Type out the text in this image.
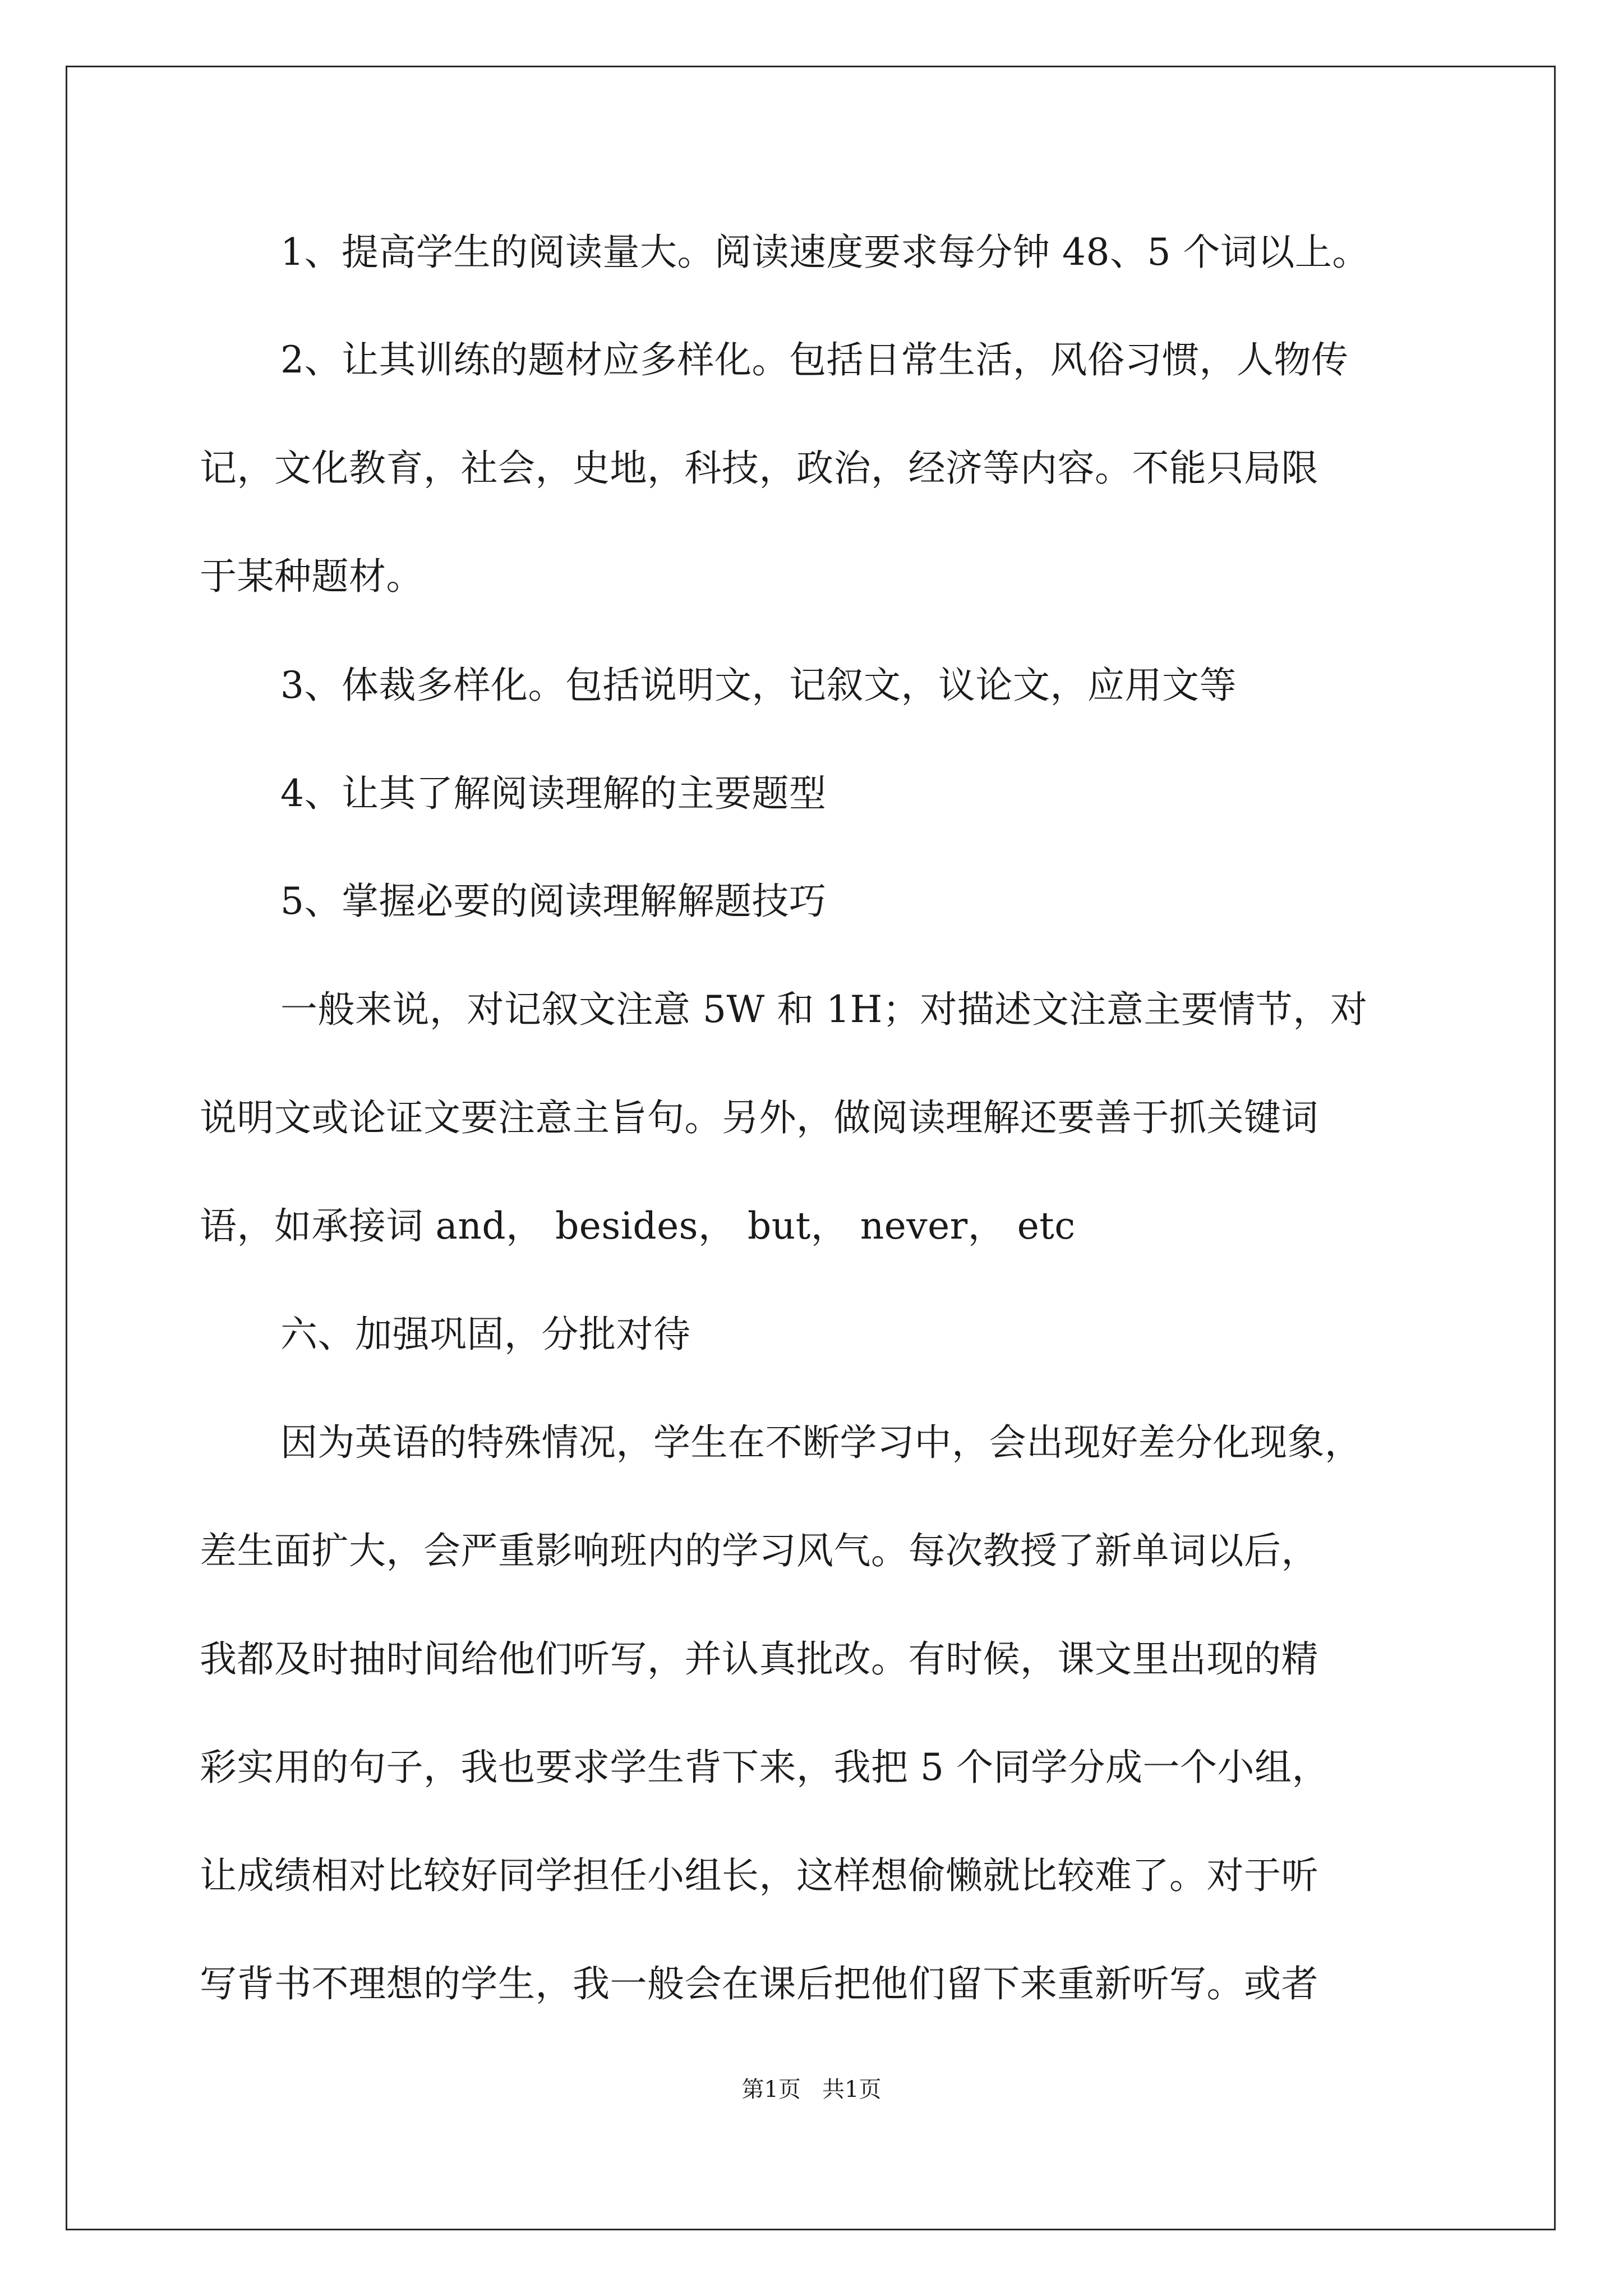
1、提高学生的阅读量大。阅读速度要求每分钟 48、5 个词以上。
2、让其训练的题材应多样化。包括日常生活，风俗习惯，人物传
记，文化教育，社会，史地，科技，政治，经济等内容。不能只局限
于某种题材。
3、体裁多样化。包括说明文，记叙文，议论文，应用文等
4、让其了解阅读理解的主要题型
5、掌握必要的阅读理解解题技巧
一般来说，对记叙文注意 5W 和 1H；对描述文注意主要情节，对
说明文或论证文要注意主旨句。另外，做阅读理解还要善于抓关键词
语，如承接词 and， besides， but， never， etc
六、加强巩固，分批对待
因为英语的特殊情况，学生在不断学习中，会出现好差分化现象，
差生面扩大，会严重影响班内的学习风气。每次教授了新单词以后，
我都及时抽时间给他们听写，并认真批改。有时候，课文里出现的精
彩实用的句子，我也要求学生背下来，我把 5 个同学分成一个小组，
让成绩相对比较好同学担任小组长，这样想偷懒就比较难了。对于听
写背书不理想的学生，我一般会在课后把他们留下来重新听写。或者
第1页   共1页
